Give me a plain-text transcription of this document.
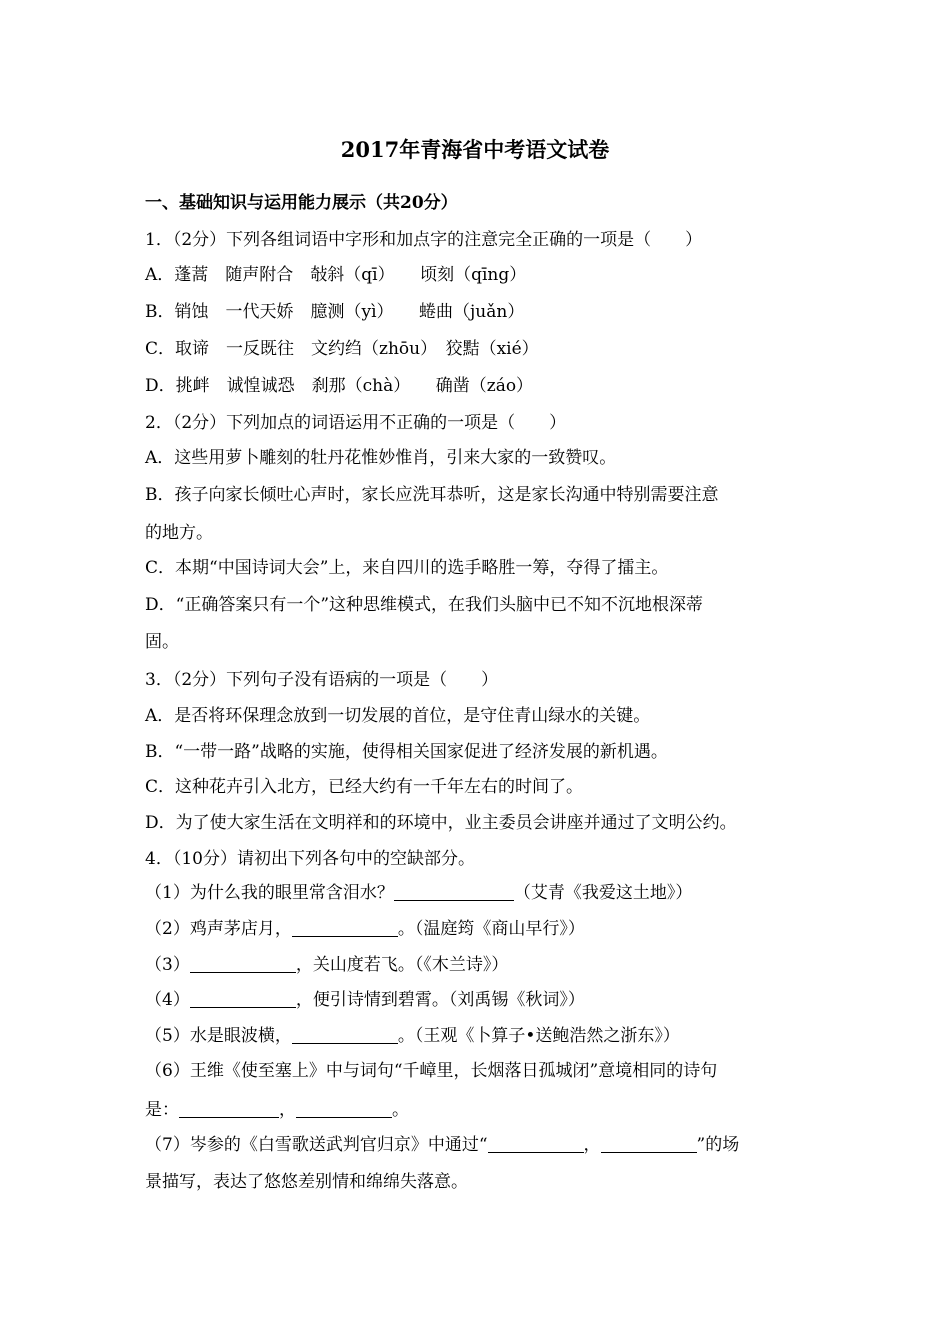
2017年青海省中考语文试卷
一、基础知识与运用能力展示（共20分）
1．（2分）下列各组词语中字形和加点字的注意完全正确的一项是（　　）
A．蓬蒿　随声附合　敧斜（qī）　　顷刻（qīng）
B．销蚀　一代天娇　臆测（yì）　　蜷曲（juǎn）
C．取谛　一反既往　文约绉（zhōu）　狡黠（xié）
D．挑衅　诚惶诚恐　刹那（chà）　　确凿（záo）
2．（2分）下列加点的词语运用不正确的一项是（　　）
A．这些用萝卜雕刻的牡丹花惟妙惟肖，引来大家的一致赞叹。
B．孩子向家长倾吐心声时，家长应洗耳恭听，这是家长沟通中特别需要注意
的地方。
C．本期“中国诗词大会”上，来自四川的选手略胜一筹，夺得了擂主。
D．“正确答案只有一个”这种思维模式，在我们头脑中已不知不沉地根深蒂
固。
3．（2分）下列句子没有语病的一项是（　　）
A．是否将环保理念放到一切发展的首位，是守住青山绿水的关键。
B．“一带一路”战略的实施，使得相关国家促进了经济发展的新机遇。
C．这种花卉引入北方，已经大约有一千年左右的时间了。
D．为了使大家生活在文明祥和的环境中，业主委员会讲座并通过了文明公约。
4．（10分）请初出下列各句中的空缺部分。
（1）为什么我的眼里常含泪水？	（艾青《我爱这土地》）
（2）鸡声茅店月，	。（温庭筠《商山早行》）
（3）	，关山度若飞。（《木兰诗》）
（4）	，便引诗情到碧霄。（刘禹锡《秋词》）
（5）水是眼波横，	。（王观《卜算子•送鲍浩然之浙东》）
（6）王维《使至塞上》中与词句“千嶂里，长烟落日孤城闭”意境相同的诗句
是：	，	。
（7）岑参的《白雪歌送武判官归京》中通过“	，	”的场
景描写，表达了悠悠差别情和绵绵失落意。
